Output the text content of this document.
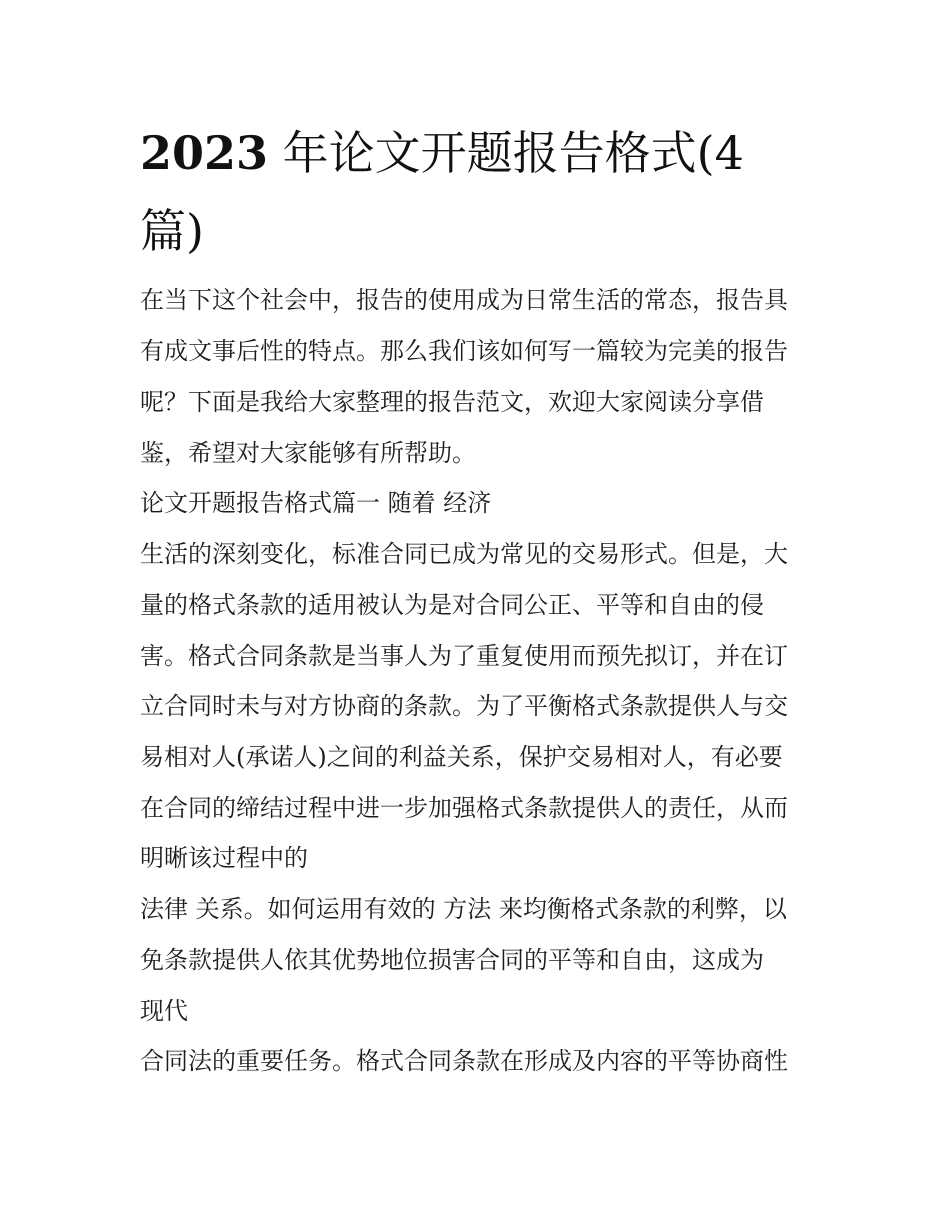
2023 年论文开题报告格式(4
篇)

在当下这个社会中，报告的使用成为日常生活的常态，报告具

有成文事后性的特点。那么我们该如何写一篇较为完美的报告

呢？下面是我给大家整理的报告范文，欢迎大家阅读分享借

鉴，希望对大家能够有所帮助。

论文开题报告格式篇一 随着 经济

生活的深刻变化，标准合同已成为常见的交易形式。但是，大

量的格式条款的适用被认为是对合同公正、平等和自由的侵

害。格式合同条款是当事人为了重复使用而预先拟订，并在订

立合同时未与对方协商的条款。为了平衡格式条款提供人与交

易相对人(承诺人)之间的利益关系，保护交易相对人，有必要

在合同的缔结过程中进一步加强格式条款提供人的责任，从而

明晰该过程中的

法律 关系。如何运用有效的 方法 来均衡格式条款的利弊，以

免条款提供人依其优势地位损害合同的平等和自由，这成为

现代

合同法的重要任务。格式合同条款在形成及内容的平等协商性
